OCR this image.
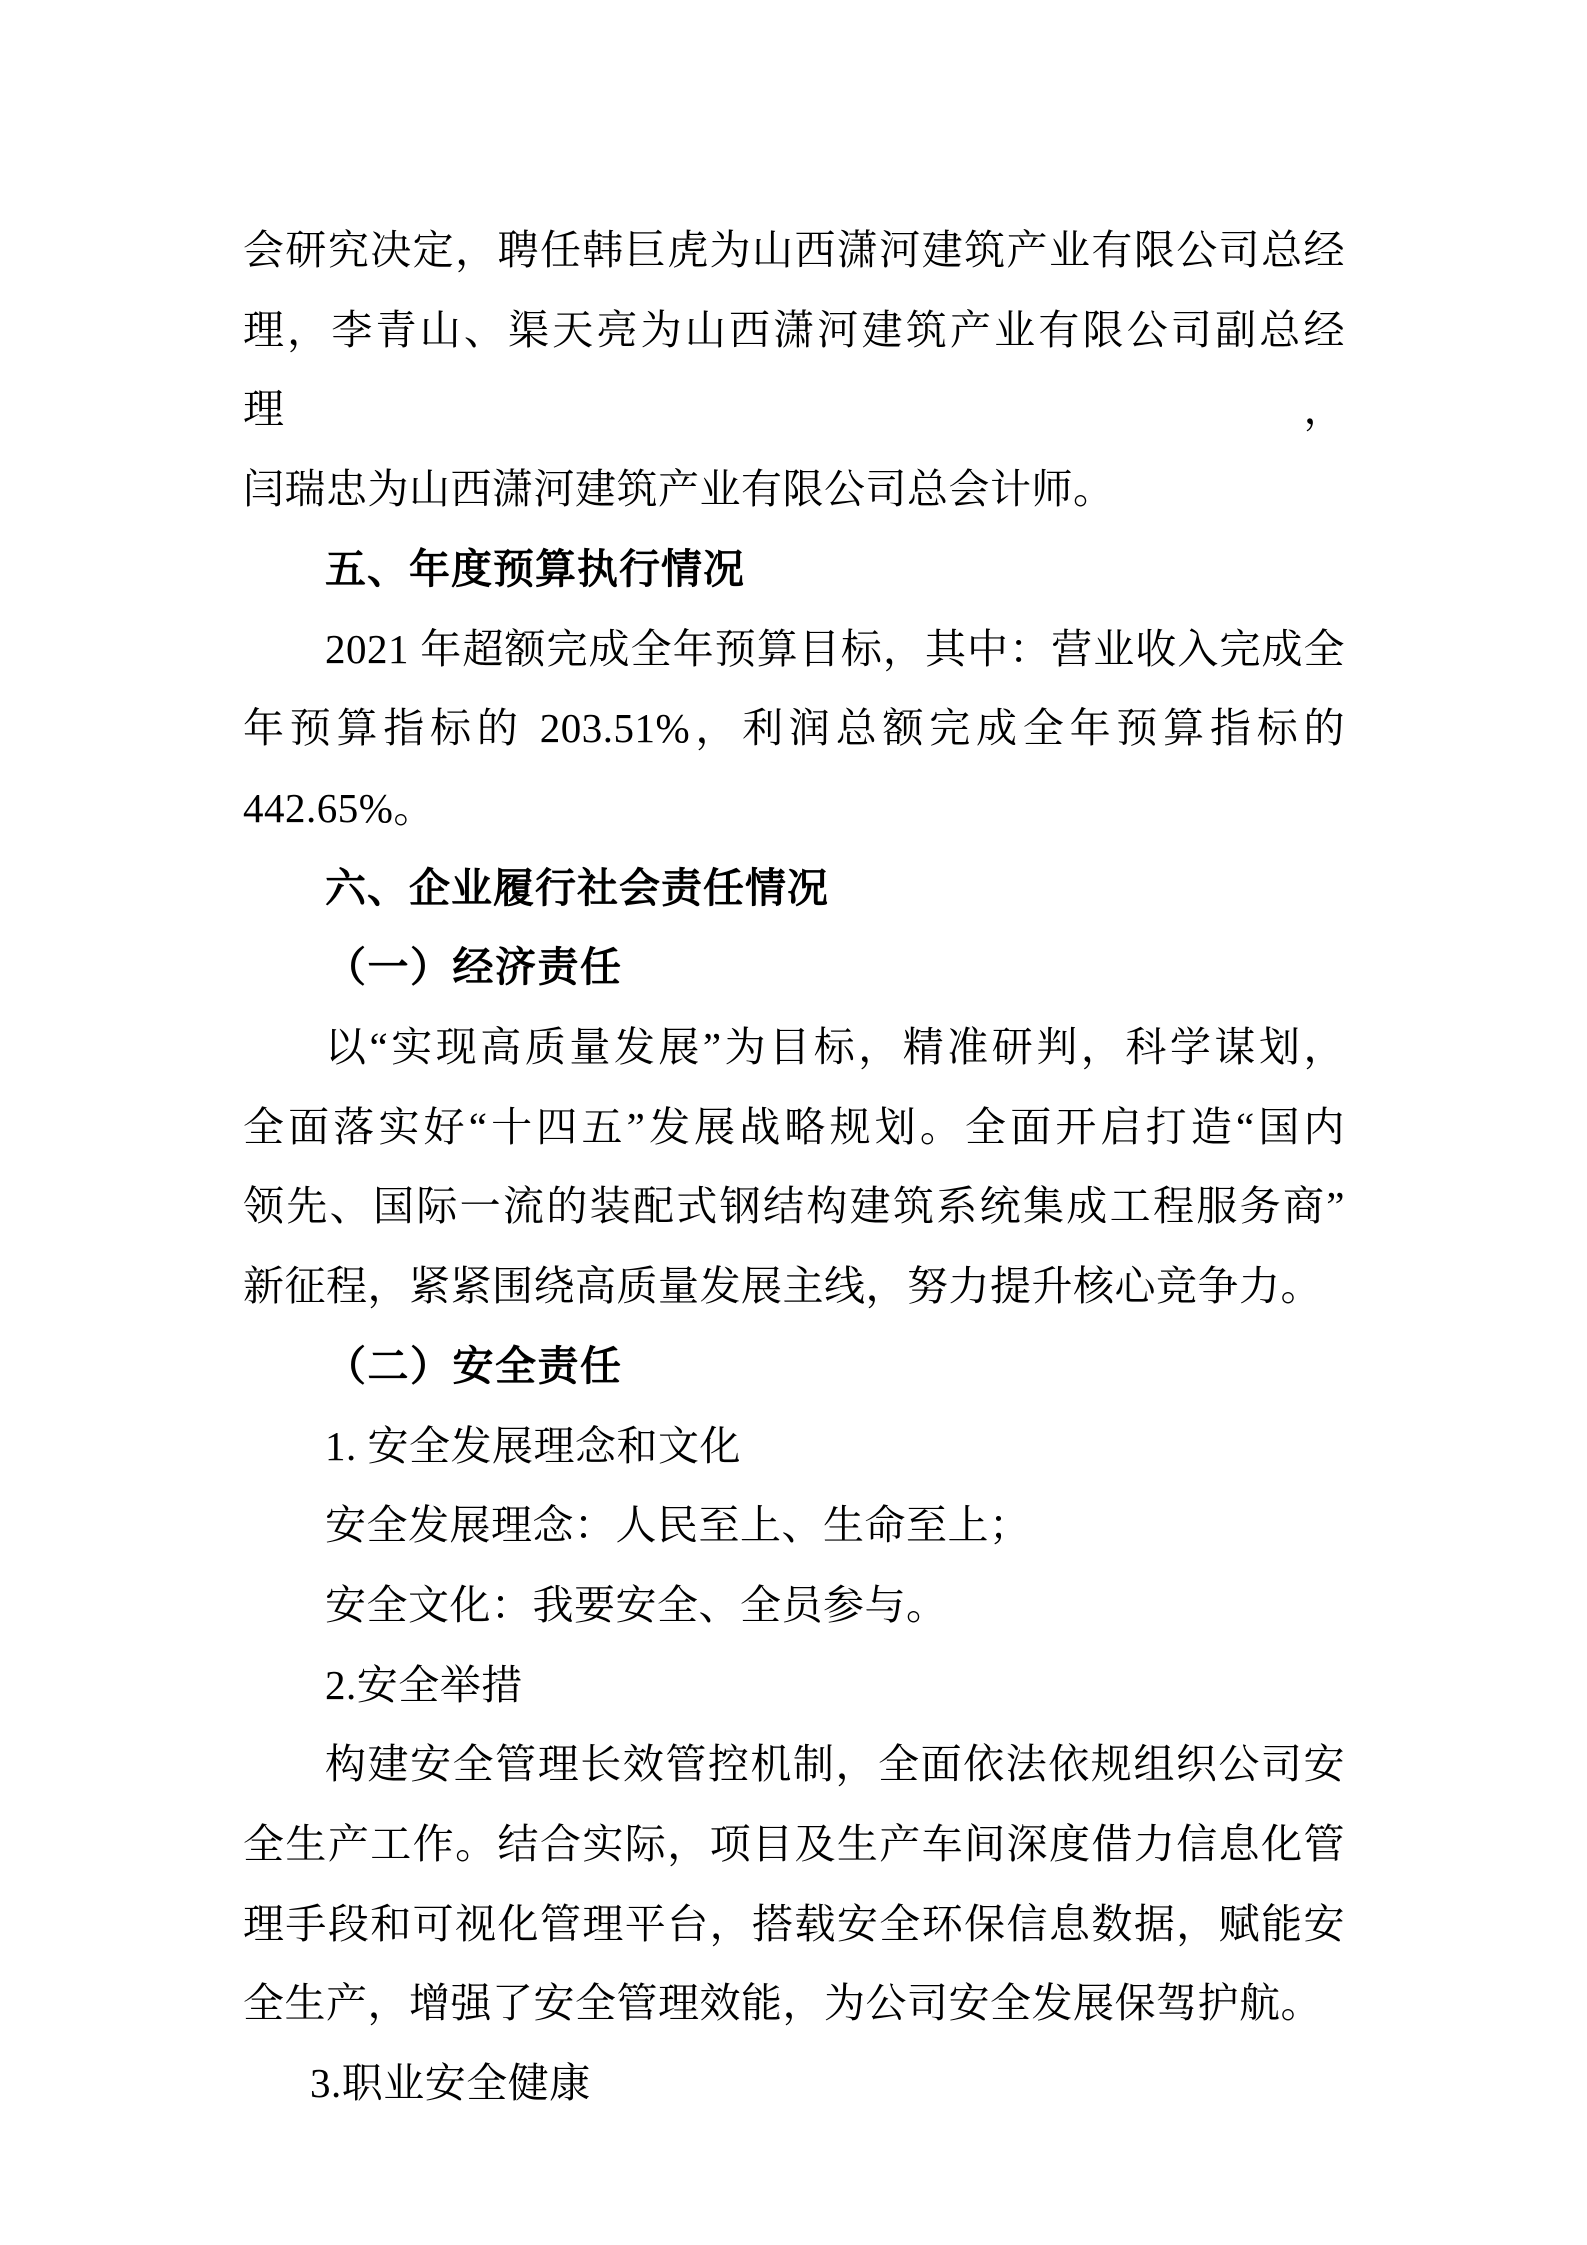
会研究决定，聘任韩巨虎为山西潇河建筑产业有限公司总经
理，李青山、渠天亮为山西潇河建筑产业有限公司副总经理，
闫瑞忠为山西潇河建筑产业有限公司总会计师。
五、年度预算执行情况
2021 年超额完成全年预算目标，其中：营业收入完成全
年预算指标的 203.51%，利润总额完成全年预算指标的
442.65%。
六、企业履行社会责任情况
（一）经济责任
以“实现高质量发展”为目标，精准研判，科学谋划，
全面落实好“十四五”发展战略规划。全面开启打造“国内
领先、国际一流的装配式钢结构建筑系统集成工程服务商”
新征程，紧紧围绕高质量发展主线，努力提升核心竞争力。
（二）安全责任
1. 安全发展理念和文化
安全发展理念：人民至上、生命至上；
安全文化：我要安全、全员参与。
2.安全举措
构建安全管理长效管控机制，全面依法依规组织公司安
全生产工作。结合实际，项目及生产车间深度借力信息化管
理手段和可视化管理平台，搭载安全环保信息数据，赋能安
全生产，增强了安全管理效能，为公司安全发展保驾护航。
3.职业安全健康
